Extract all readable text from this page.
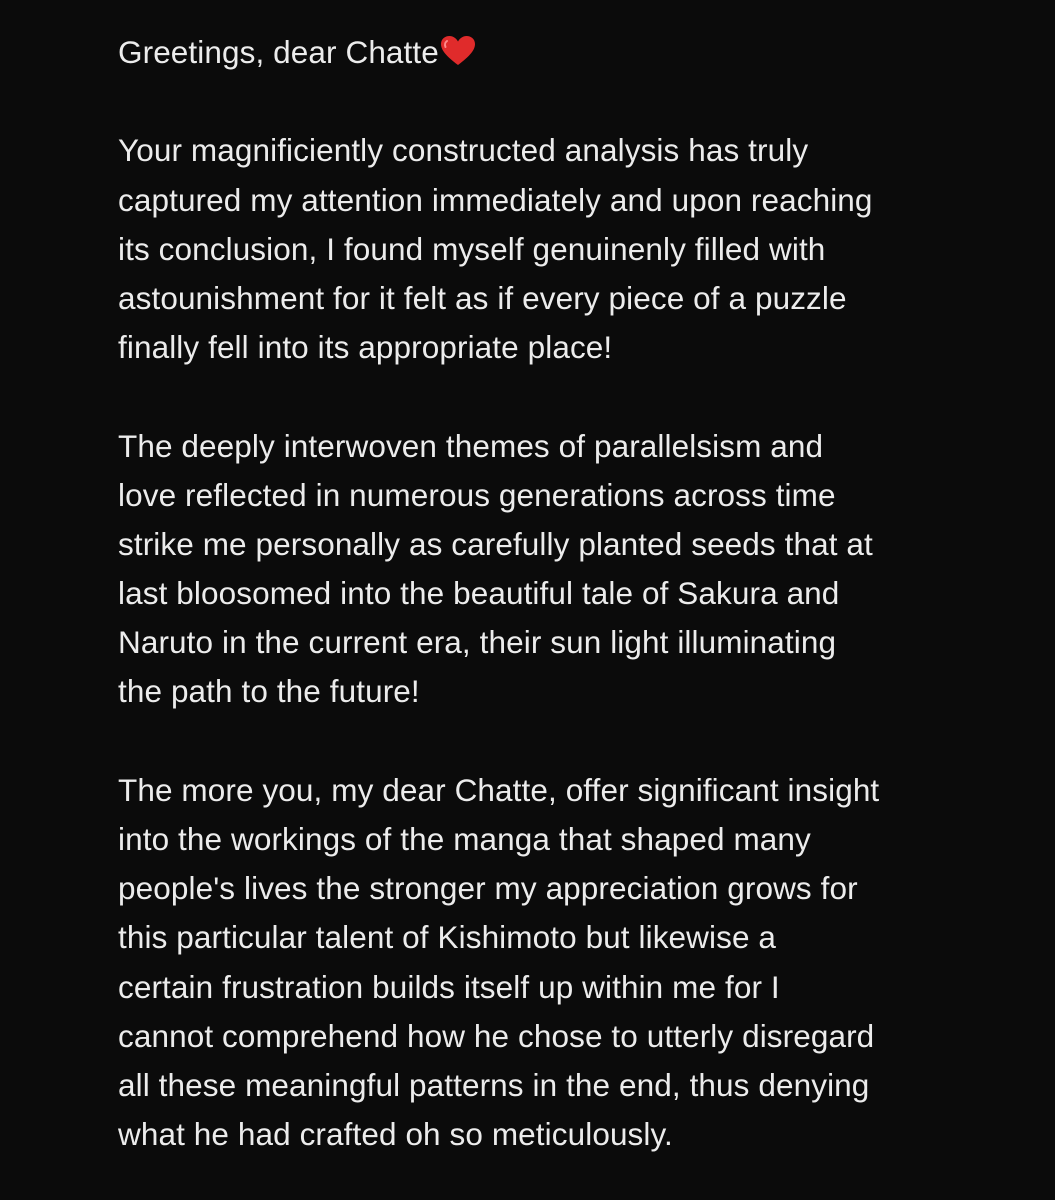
Greetings, dear Chatte
Your magnificiently constructed analysis has truly
captured my attention immediately and upon reaching
its conclusion, I found myself genuinenly filled with
astounishment for it felt as if every piece of a puzzle
finally fell into its appropriate place!
The deeply interwoven themes of parallelsism and
love reflected in numerous generations across time
strike me personally as carefully planted seeds that at
last bloosomed into the beautiful tale of Sakura and
Naruto in the current era, their sun light illuminating
the path to the future!
The more you, my dear Chatte, offer significant insight
into the workings of the manga that shaped many
people's lives the stronger my appreciation grows for
this particular talent of Kishimoto but likewise a
certain frustration builds itself up within me for I
cannot comprehend how he chose to utterly disregard
all these meaningful patterns in the end, thus denying
what he had crafted oh so meticulously.
